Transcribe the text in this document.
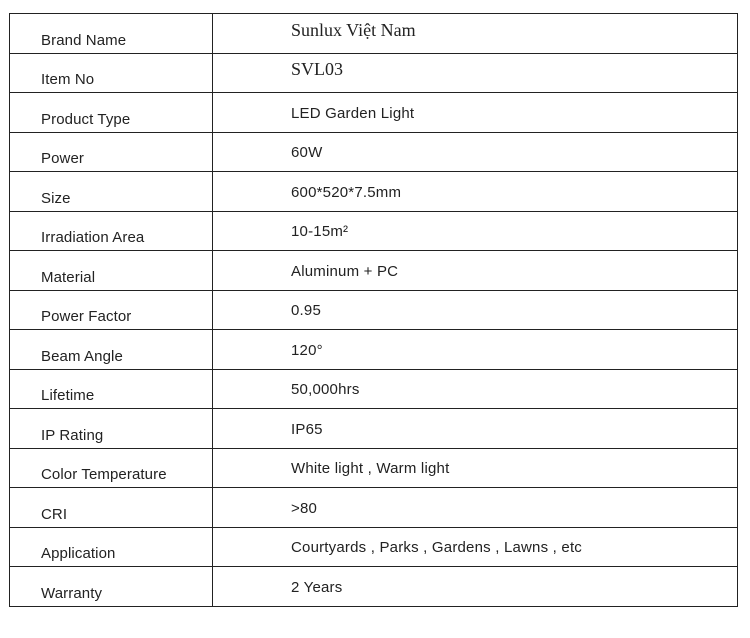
Brand Name	Sunlux Việt Nam
Item No	SVL03
Product Type	LED Garden Light
Power	60W
Size	600*520*7.5mm
Irradiation Area	10-15m²
Material	Aluminum + PC
Power Factor	0.95
Beam Angle	120°
Lifetime	50,000hrs
IP Rating	IP65
Color Temperature	White light , Warm light
CRI	>80
Application	Courtyards , Parks , Gardens , Lawns , etc
Warranty	2 Years
